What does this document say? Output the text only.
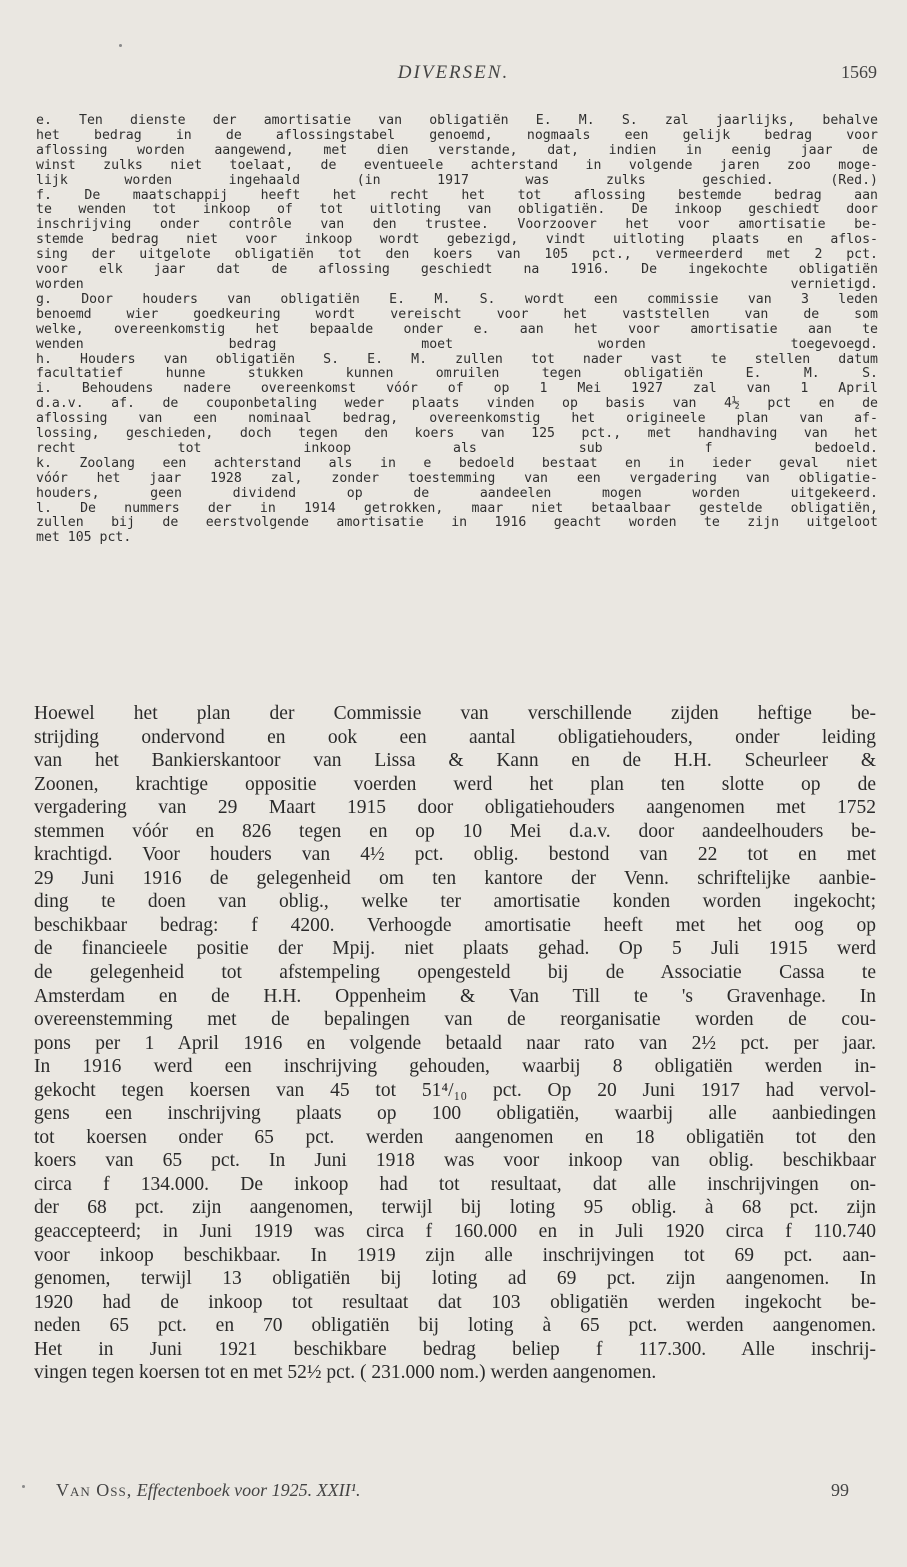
DIVERSEN.	1569
e. Ten dienste der amortisatie van obligatiën E. M. S. zal jaarlijks, behalve
het bedrag in de aflossingstabel genoemd, nogmaals een gelijk bedrag voor
aflossing worden aangewend, met dien verstande, dat, indien in eenig jaar de
winst zulks niet toelaat, de eventueele achterstand in volgende jaren zoo moge-
lijk worden ingehaald (in 1917 was zulks geschied. (Red.)
f. De maatschappij heeft het recht het tot aflossing bestemde bedrag aan
te wenden tot inkoop of tot uitloting van obligatiën. De inkoop geschiedt door
inschrijving onder contrôle van den trustee. Voorzoover het voor amortisatie be-
stemde bedrag niet voor inkoop wordt gebezigd, vindt uitloting plaats en aflos-
sing der uitgelote obligatiën tot den koers van 105 pct., vermeerderd met 2 pct.
voor elk jaar dat de aflossing geschiedt na 1916. De ingekochte obligatiën
worden vernietigd.
g. Door houders van obligatiën E. M. S. wordt een commissie van 3 leden
benoemd wier goedkeuring wordt vereischt voor het vaststellen van de som
welke, overeenkomstig het bepaalde onder e. aan het voor amortisatie aan te
wenden bedrag moet worden toegevoegd.
h. Houders van obligatiën S. E. M. zullen tot nader vast te stellen datum
facultatief hunne stukken kunnen omruilen tegen obligatiën E. M. S.
i. Behoudens nadere overeenkomst vóór of op 1 Mei 1927 zal van 1 April
d.a.v. af. de couponbetaling weder plaats vinden op basis van 4½ pct en de
aflossing van een nominaal bedrag, overeenkomstig het origineele plan van af-
lossing, geschieden, doch tegen den koers van 125 pct., met handhaving van het
recht tot inkoop als sub f bedoeld.
k. Zoolang een achterstand als in e bedoeld bestaat en in ieder geval niet
vóór het jaar 1928 zal, zonder toestemming van een vergadering van obligatie-
houders, geen dividend op de aandeelen mogen worden uitgekeerd.
l. De nummers der in 1914 getrokken, maar niet betaalbaar gestelde obligatiën,
zullen bij de eerstvolgende amortisatie in 1916 geacht worden te zijn uitgeloot
met 105 pct.
Hoewel het plan der Commissie van verschillende zijden heftige be-
strijding ondervond en ook een aantal obligatiehouders, onder leiding
van het Bankierskantoor van Lissa & Kann en de H.H. Scheurleer &
Zoonen, krachtige oppositie voerden werd het plan ten slotte op de
vergadering van 29 Maart 1915 door obligatiehouders aangenomen met 1752
stemmen vóór en 826 tegen en op 10 Mei d.a.v. door aandeelhouders be-
krachtigd. Voor houders van 4½ pct. oblig. bestond van 22 tot en met
29 Juni 1916 de gelegenheid om ten kantore der Venn. schriftelijke aanbie-
ding te doen van oblig., welke ter amortisatie konden worden ingekocht;
beschikbaar bedrag: f 4200. Verhoogde amortisatie heeft met het oog op
de financieele positie der Mpij. niet plaats gehad. Op 5 Juli 1915 werd
de gelegenheid tot afstempeling opengesteld bij de Associatie Cassa te
Amsterdam en de H.H. Oppenheim & Van Till te 's Gravenhage. In
overeenstemming met de bepalingen van de reorganisatie worden de cou-
pons per 1 April 1916 en volgende betaald naar rato van 2½ pct. per jaar.
In 1916 werd een inschrijving gehouden, waarbij 8 obligatiën werden in-
gekocht tegen koersen van 45 tot 51⁴/₁₀ pct. Op 20 Juni 1917 had vervol-
gens een inschrijving plaats op 100 obligatiën, waarbij alle aanbiedingen
tot koersen onder 65 pct. werden aangenomen en 18 obligatiën tot den
koers van 65 pct. In Juni 1918 was voor inkoop van oblig. beschikbaar
circa f 134.000. De inkoop had tot resultaat, dat alle inschrijvingen on-
der 68 pct. zijn aangenomen, terwijl bij loting 95 oblig. à 68 pct. zijn
geaccepteerd; in Juni 1919 was circa f 160.000 en in Juli 1920 circa f 110.740
voor inkoop beschikbaar. In 1919 zijn alle inschrijvingen tot 69 pct. aan-
genomen, terwijl 13 obligatiën bij loting ad 69 pct. zijn aangenomen. In
1920 had de inkoop tot resultaat dat 103 obligatiën werden ingekocht be-
neden 65 pct. en 70 obligatiën bij loting à 65 pct. werden aangenomen.
Het in Juni 1921 beschikbare bedrag beliep f 117.300. Alle inschrij-
vingen tegen koersen tot en met 52½ pct. ( 231.000 nom.) werden aangenomen.
Van Oss, Effectenboek voor 1925. XXII¹.	99
